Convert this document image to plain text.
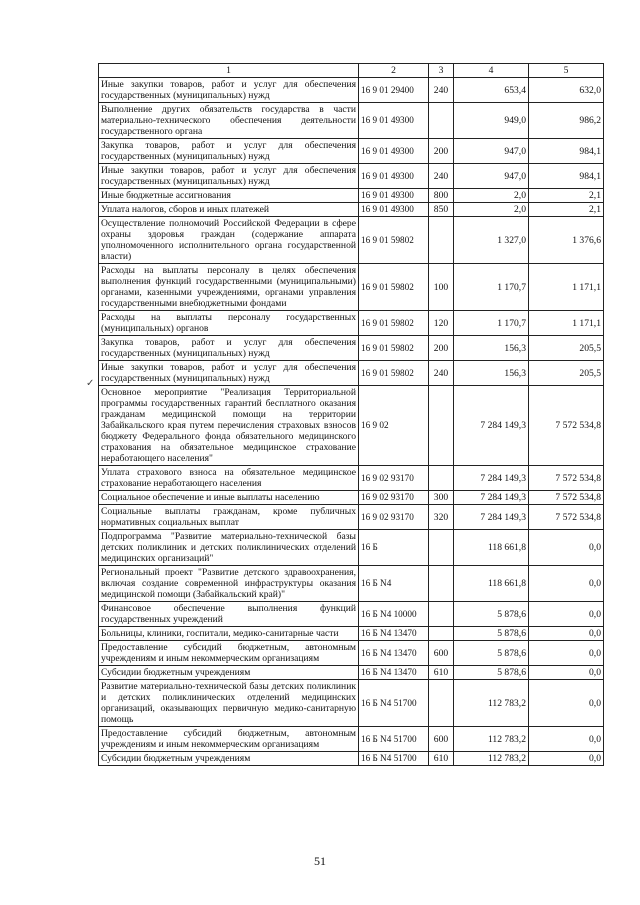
1	2	3	4	5
Иные закупки товаров, работ и услуг для обеспечения государственных (муниципальных) нужд	16 9 01 29400	240	653,4	632,0
Выполнение других обязательств государства в части материально-технического обеспечения деятельности государственного органа	16 9 01 49300		949,0	986,2
Закупка товаров, работ и услуг для обеспечения государственных (муниципальных) нужд	16 9 01 49300	200	947,0	984,1
Иные закупки товаров, работ и услуг для обеспечения государственных (муниципальных) нужд	16 9 01 49300	240	947,0	984,1
Иные бюджетные ассигнования	16 9 01 49300	800	2,0	2,1
Уплата налогов, сборов и иных платежей	16 9 01 49300	850	2,0	2,1
Осуществление полномочий Российской Федерации в сфере охраны здоровья граждан (содержание аппарата уполномоченного исполнительного органа государственной власти)	16 9 01 59802		1 327,0	1 376,6
Расходы на выплаты персоналу в целях обеспечения выполнения функций государственными (муниципальными) органами, казенными учреждениями, органами управления государственными внебюджетными фондами	16 9 01 59802	100	1 170,7	1 171,1
Расходы на выплаты персоналу государственных (муниципальных) органов	16 9 01 59802	120	1 170,7	1 171,1
Закупка товаров, работ и услуг для обеспечения государственных (муниципальных) нужд	16 9 01 59802	200	156,3	205,5
Иные закупки товаров, работ и услуг для обеспечения государственных (муниципальных) нужд	16 9 01 59802	240	156,3	205,5
Основное мероприятие "Реализация Территориальной программы государственных гарантий бесплатного оказания гражданам медицинской помощи на территории Забайкальского края путем перечисления страховых взносов бюджету Федерального фонда обязательного медицинского страхования на обязательное медицинское страхование неработающего населения"	16 9 02		7 284 149,3	7 572 534,8
Уплата страхового взноса на обязательное медицинское страхование неработающего населения	16 9 02 93170		7 284 149,3	7 572 534,8
Социальное обеспечение и иные выплаты населению	16 9 02 93170	300	7 284 149,3	7 572 534,8
Социальные выплаты гражданам, кроме публичных нормативных социальных выплат	16 9 02 93170	320	7 284 149,3	7 572 534,8
Подпрограмма "Развитие материально-технической базы детских поликлиник и детских поликлинических отделений медицинских организаций"	16 Б		118 661,8	0,0
Региональный проект "Развитие детского здравоохранения, включая создание современной инфраструктуры оказания медицинской помощи (Забайкальский край)"	16 Б N4		118 661,8	0,0
Финансовое обеспечение выполнения функций государственных учреждений	16 Б N4 10000		5 878,6	0,0
Больницы, клиники, госпитали, медико-санитарные части	16 Б N4 13470		5 878,6	0,0
Предоставление субсидий бюджетным, автономным учреждениям и иным некоммерческим организациям	16 Б N4 13470	600	5 878,6	0,0
Субсидии бюджетным учреждениям	16 Б N4 13470	610	5 878,6	0,0
Развитие материально-технической базы детских поликлиник и детских поликлинических отделений медицинских организаций, оказывающих первичную медико-санитарную помощь	16 Б N4 51700		112 783,2	0,0
Предоставление субсидий бюджетным, автономным учреждениям и иным некоммерческим организациям	16 Б N4 51700	600	112 783,2	0,0
Субсидии бюджетным учреждениям	16 Б N4 51700	610	112 783,2	0,0
✓
51
